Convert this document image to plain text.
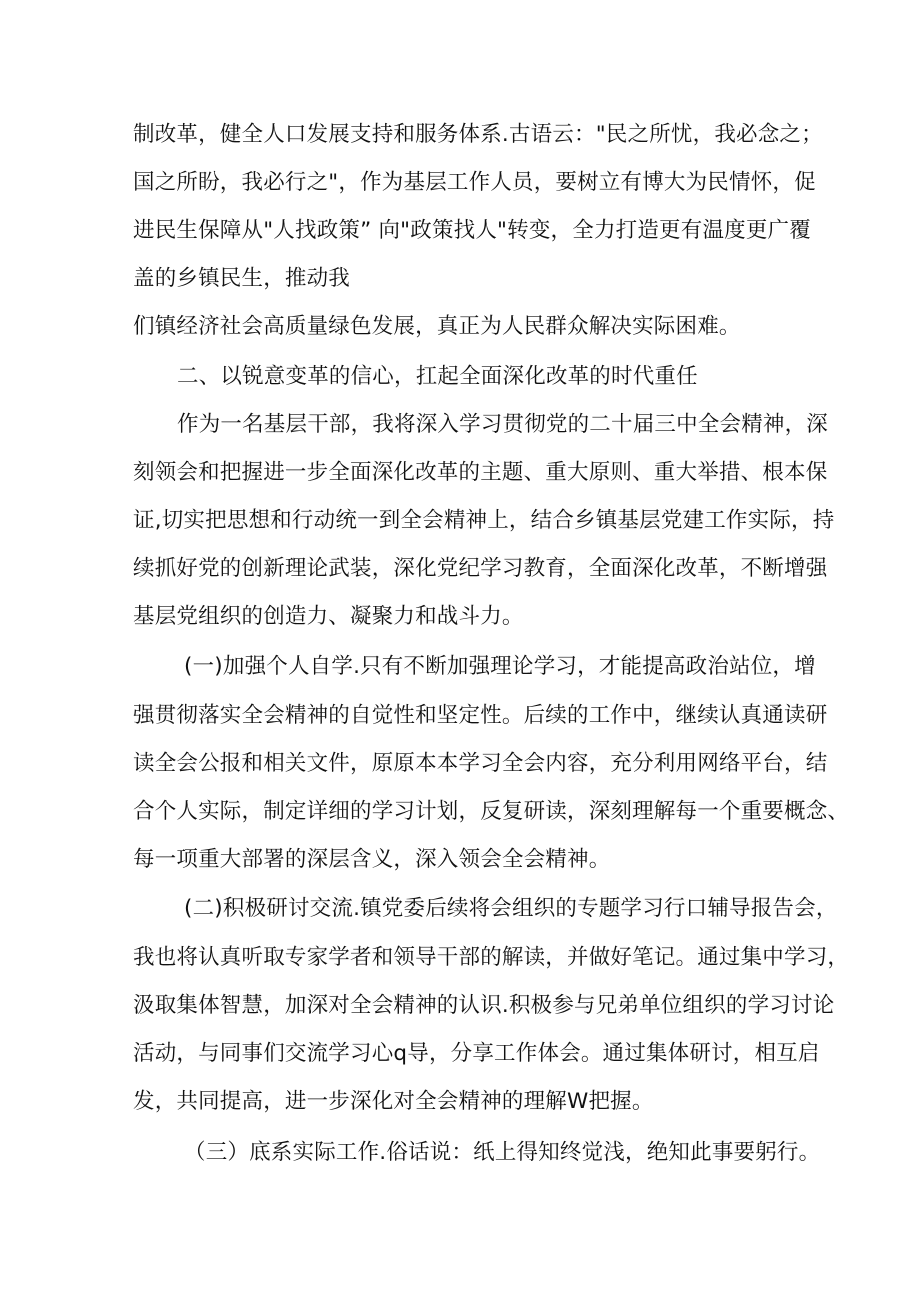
制改革，健全人口发展支持和服务体系.古语云："民之所忧，我必念之；
国之所盼，我必行之"，作为基层工作人员，要树立有博大为民情怀，促
进民生保障从"人找政策” 向"政策找人"转变，全力打造更有温度更广覆
盖的乡镇民生，推动我
们镇经济社会高质量绿色发展，真正为人民群众解决实际困难。
二、以锐意变革的信心，扛起全面深化改革的时代重任
作为一名基层干部，我将深入学习贯彻党的二十届三中全会精神，深
刻领会和把握进一步全面深化改革的主题、重大原则、重大举措、根本保
证,切实把思想和行动统一到全会精神上，结合乡镇基层党建工作实际，持
续抓好党的创新理论武装，深化党纪学习教育，全面深化改革，不断增强
基层党组织的创造力、凝聚力和战斗力。
(一)加强个人自学.只有不断加强理论学习，才能提高政治站位，增
强贯彻落实全会精神的自觉性和坚定性。后续的工作中，继续认真通读研
读全会公报和相关文件，原原本本学习全会内容，充分利用网络平台，结
合个人实际，制定详细的学习计划，反复研读，深刻理解每一个重要概念、
每一项重大部署的深层含义，深入领会全会精神。
(二)积极研讨交流.镇党委后续将会组织的专题学习行口辅导报告会，
我也将认真听取专家学者和领导干部的解读，并做好笔记。通过集中学习，
汲取集体智慧，加深对全会精神的认识.积极参与兄弟单位组织的学习讨论
活动，与同事们交流学习心q导，分享工作体会。通过集体研讨，相互启
发，共同提高，进一步深化对全会精神的理解W把握。
（三）底系实际工作.俗话说：纸上得知终觉浅，绝知此事要躬行。
